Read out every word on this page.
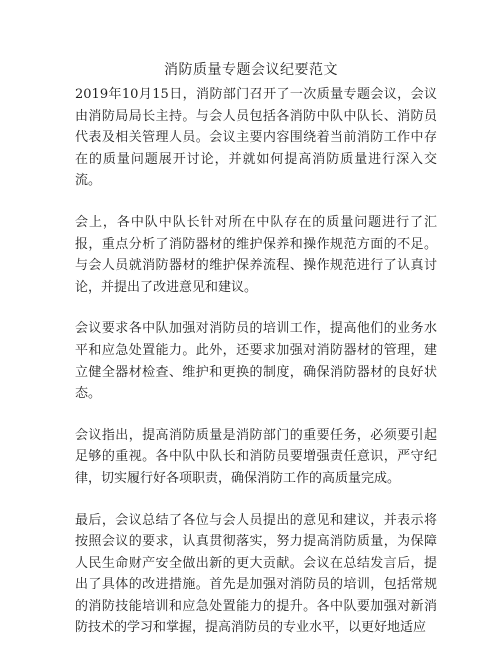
消防质量专题会议纪要范文

2019年10月15日，消防部门召开了一次质量专题会议，会议由消防局局长主持。与会人员包括各消防中队中队长、消防员代表及相关管理人员。会议主要内容围绕着当前消防工作中存在的质量问题展开讨论，并就如何提高消防质量进行深入交流。

会上，各中队中队长针对所在中队存在的质量问题进行了汇报，重点分析了消防器材的维护保养和操作规范方面的不足。与会人员就消防器材的维护保养流程、操作规范进行了认真讨论，并提出了改进意见和建议。

会议要求各中队加强对消防员的培训工作，提高他们的业务水平和应急处置能力。此外，还要求加强对消防器材的管理，建立健全器材检查、维护和更换的制度，确保消防器材的良好状态。

会议指出，提高消防质量是消防部门的重要任务，必须要引起足够的重视。各中队中队长和消防员要增强责任意识，严守纪律，切实履行好各项职责，确保消防工作的高质量完成。

最后，会议总结了各位与会人员提出的意见和建议，并表示将按照会议的要求，认真贯彻落实，努力提高消防质量，为保障人民生命财产安全做出新的更大贡献。会议在总结发言后，提出了具体的改进措施。首先是加强对消防员的培训，包括常规的消防技能培训和应急处置能力的提升。各中队要加强对新消防技术的学习和掌握，提高消防员的专业水平，以更好地适应
